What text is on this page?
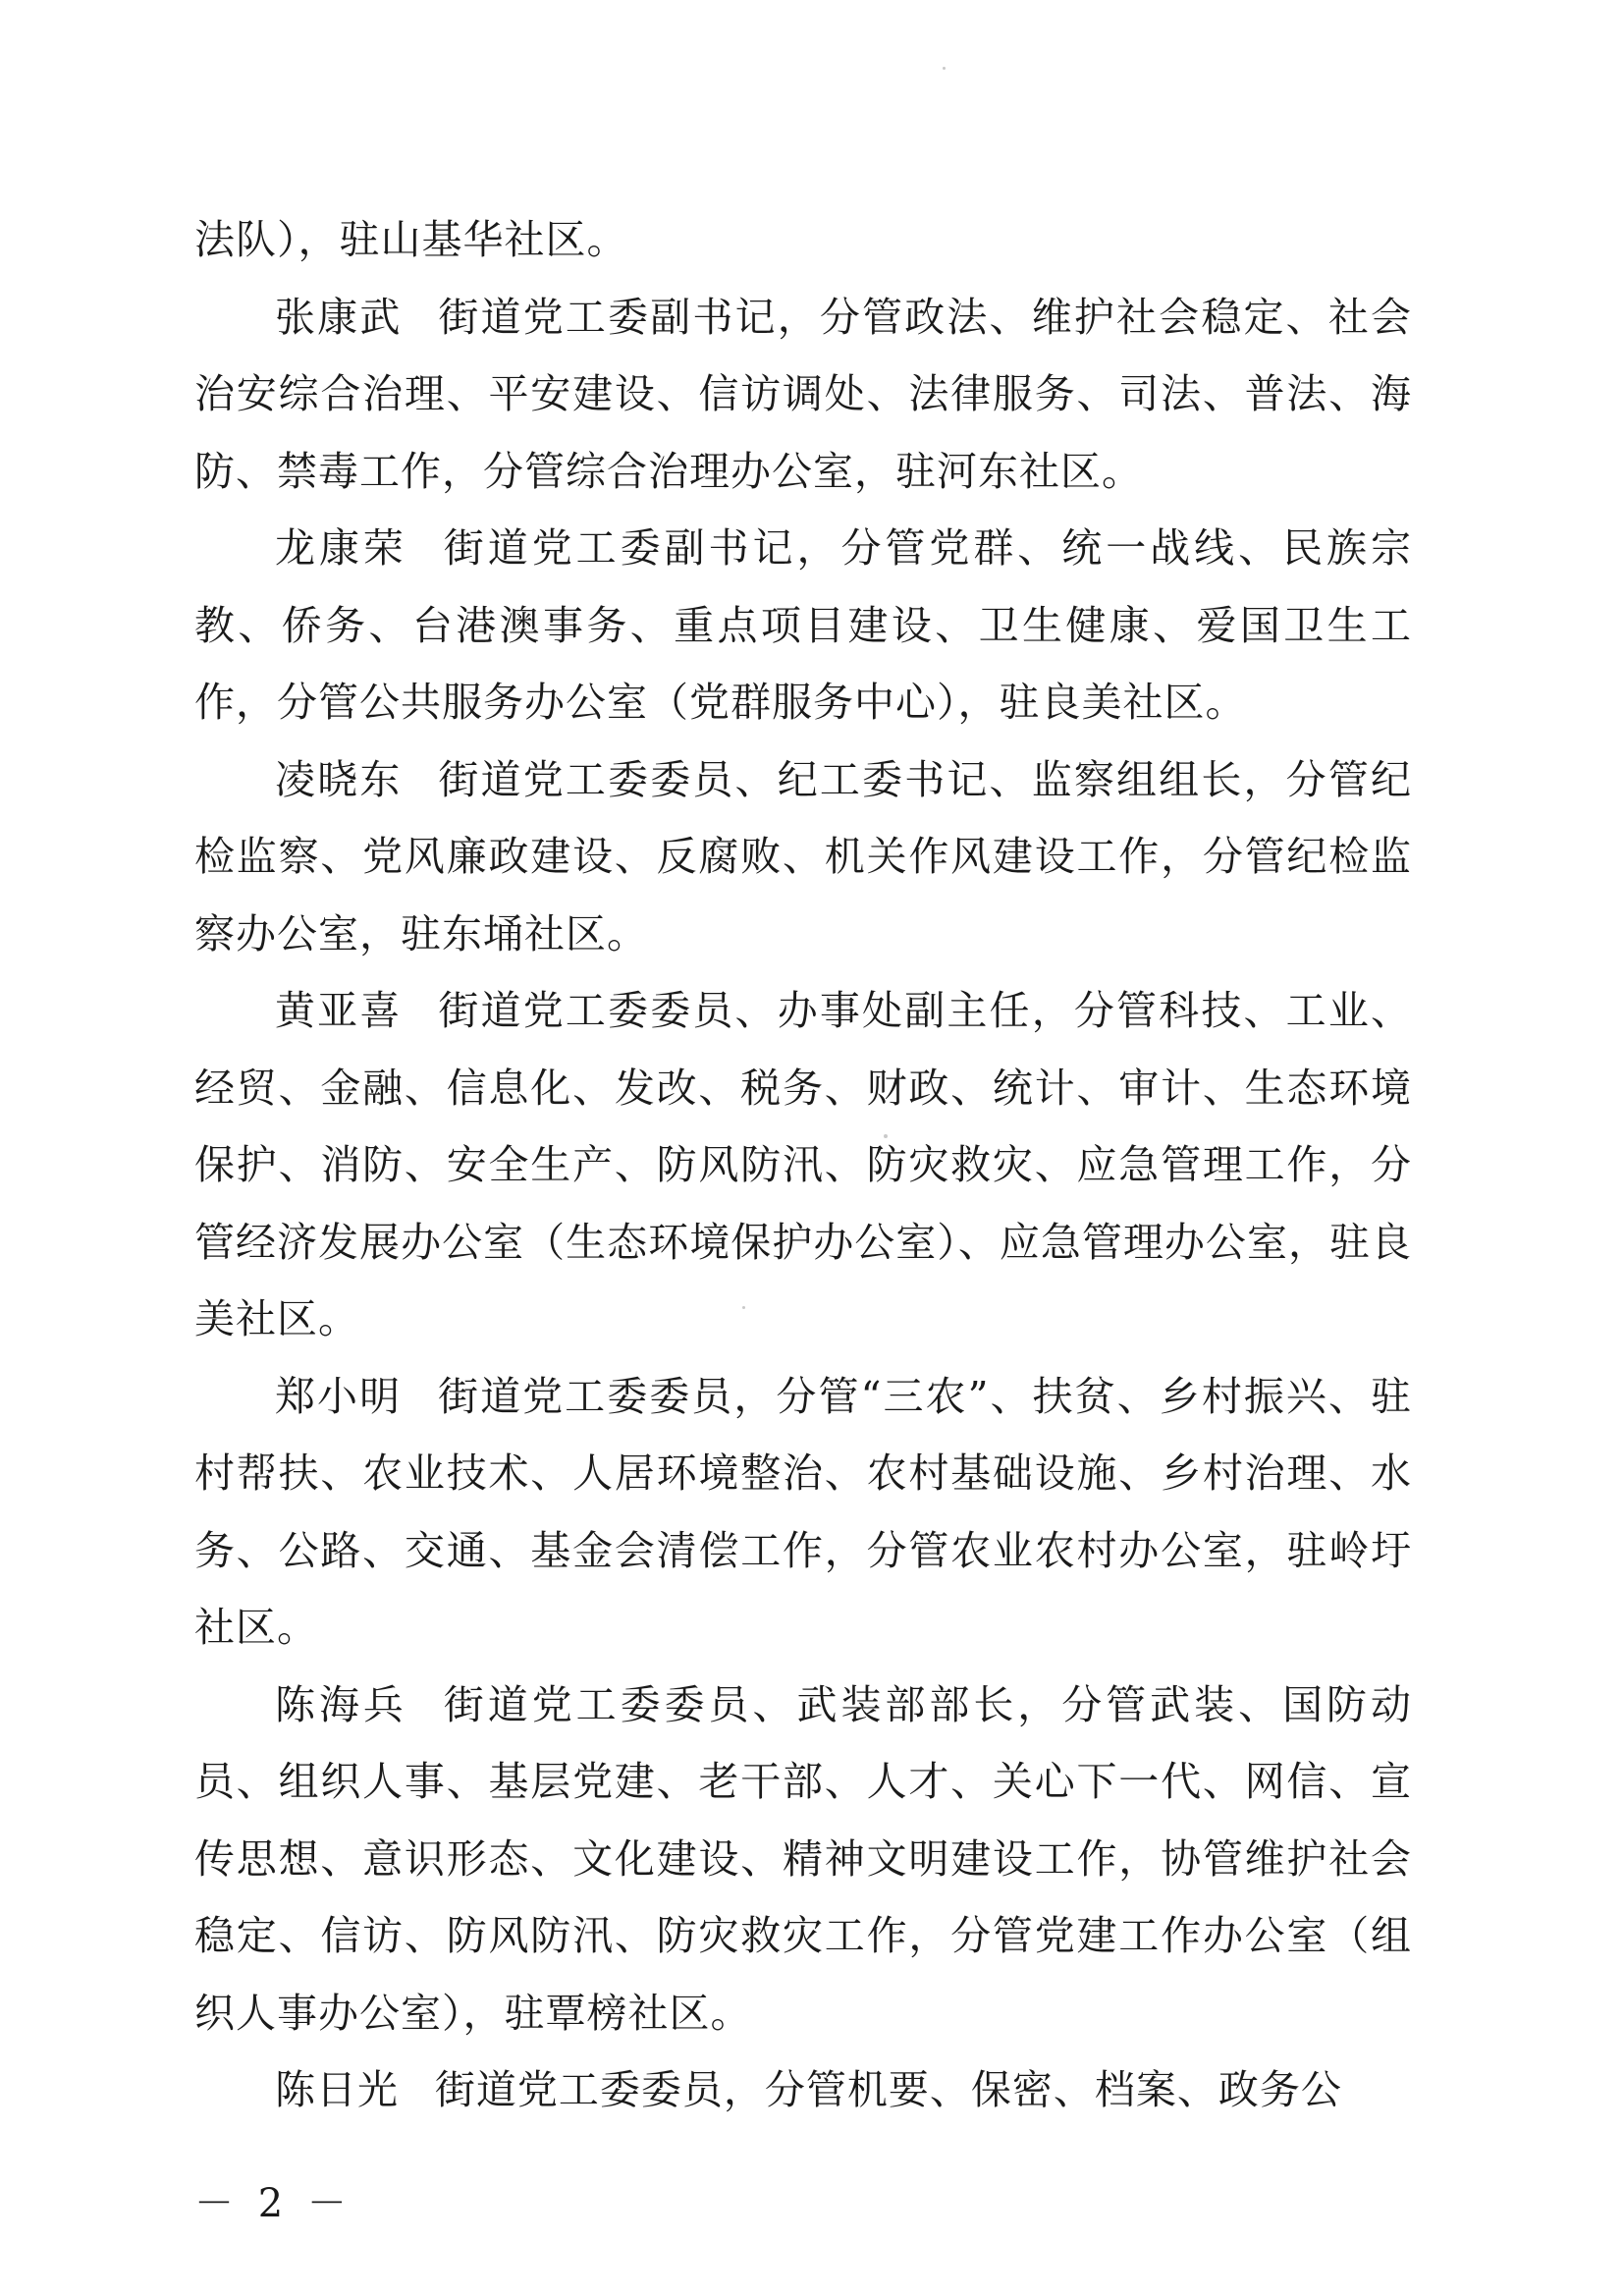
法队），驻山基华社区。

张康武 街道党工委副书记，分管政法、维护社会稳定、社会治安综合治理、平安建设、信访调处、法律服务、司法、普法、海防、禁毒工作，分管综合治理办公室，驻河东社区。

龙康荣 街道党工委副书记，分管党群、统一战线、民族宗教、侨务、台港澳事务、重点项目建设、卫生健康、爱国卫生工作，分管公共服务办公室（党群服务中心），驻良美社区。

凌晓东 街道党工委委员、纪工委书记、监察组组长，分管纪检监察、党风廉政建设、反腐败、机关作风建设工作，分管纪检监察办公室，驻东埇社区。

黄亚喜 街道党工委委员、办事处副主任，分管科技、工业、经贸、金融、信息化、发改、税务、财政、统计、审计、生态环境保护、消防、安全生产、防风防汛、防灾救灾、应急管理工作，分管经济发展办公室（生态环境保护办公室）、应急管理办公室，驻良美社区。

郑小明 街道党工委委员，分管“三农”、扶贫、乡村振兴、驻村帮扶、农业技术、人居环境整治、农村基础设施、乡村治理、水务、公路、交通、基金会清偿工作，分管农业农村办公室，驻岭圩社区。

陈海兵 街道党工委委员、武装部部长，分管武装、国防动员、组织人事、基层党建、老干部、人才、关心下一代、网信、宣传思想、意识形态、文化建设、精神文明建设工作，协管维护社会稳定、信访、防风防汛、防灾救灾工作，分管党建工作办公室（组织人事办公室），驻覃榜社区。

陈日光 街道党工委委员，分管机要、保密、档案、政务公

－ 2 －
